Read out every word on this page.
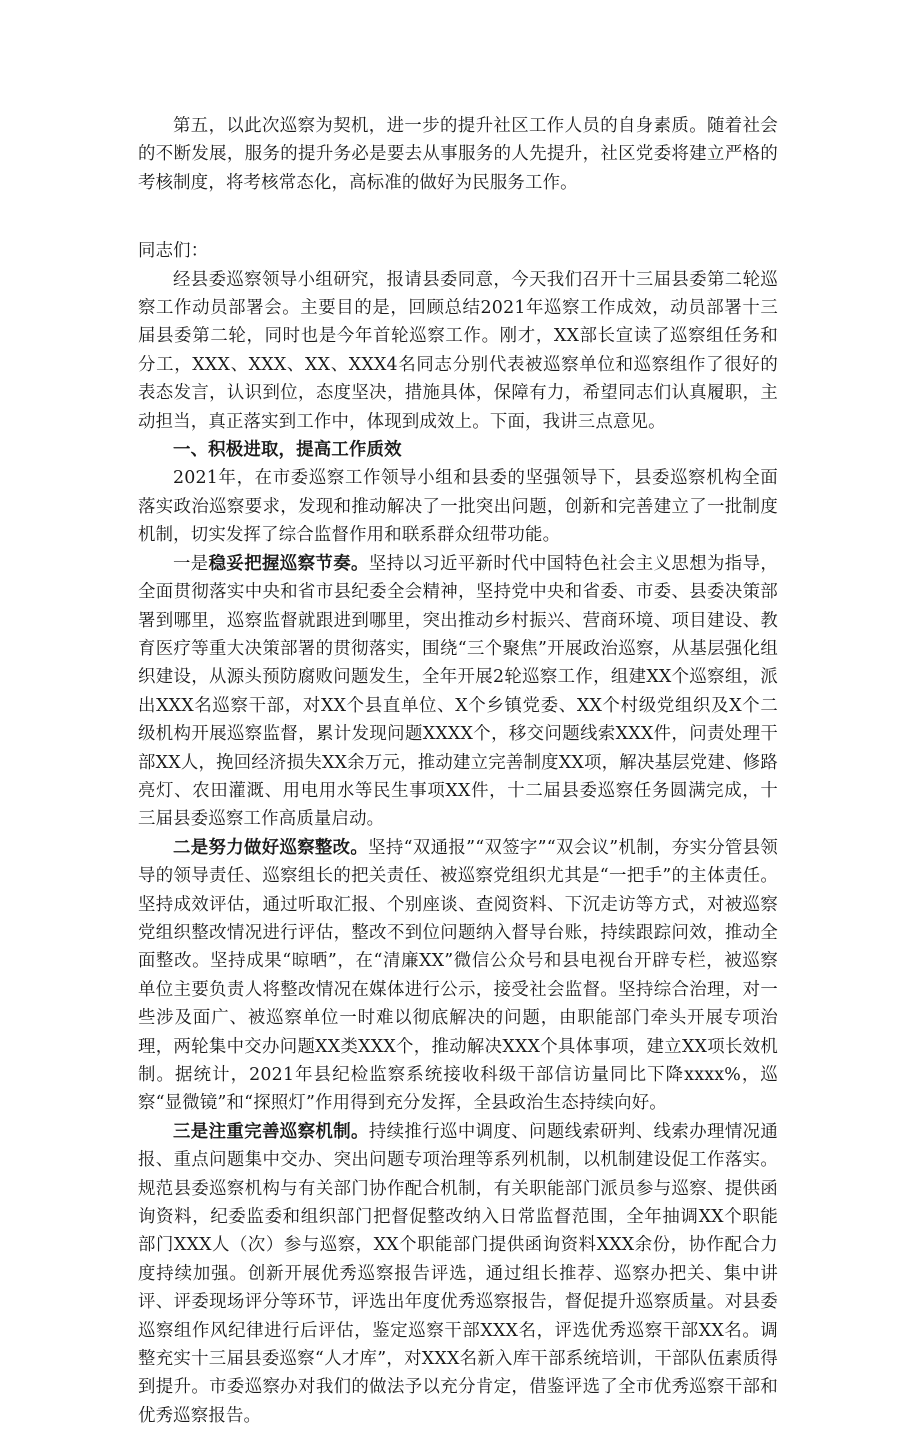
第五，以此次巡察为契机，进一步的提升社区工作人员的自身素质。随着社会的不断发展，服务的提升务必是要去从事服务的人先提升，社区党委将建立严格的考核制度，将考核常态化，高标准的做好为民服务工作。

同志们：

经县委巡察领导小组研究，报请县委同意，今天我们召开十三届县委第二轮巡察工作动员部署会。主要目的是，回顾总结2021年巡察工作成效，动员部署十三届县委第二轮，同时也是今年首轮巡察工作。刚才，XX部长宣读了巡察组任务和分工，XXX、XXX、XX、XXX4名同志分别代表被巡察单位和巡察组作了很好的表态发言，认识到位，态度坚决，措施具体，保障有力，希望同志们认真履职，主动担当，真正落实到工作中，体现到成效上。下面，我讲三点意见。

一、积极进取，提高工作质效

2021年，在市委巡察工作领导小组和县委的坚强领导下，县委巡察机构全面落实政治巡察要求，发现和推动解决了一批突出问题，创新和完善建立了一批制度机制，切实发挥了综合监督作用和联系群众纽带功能。

一是稳妥把握巡察节奏。坚持以习近平新时代中国特色社会主义思想为指导，全面贯彻落实中央和省市县纪委全会精神，坚持党中央和省委、市委、县委决策部署到哪里，巡察监督就跟进到哪里，突出推动乡村振兴、营商环境、项目建设、教育医疗等重大决策部署的贯彻落实，围绕“三个聚焦”开展政治巡察，从基层强化组织建设，从源头预防腐败问题发生，全年开展2轮巡察工作，组建XX个巡察组，派出XXX名巡察干部，对XX个县直单位、X个乡镇党委、XX个村级党组织及X个二级机构开展巡察监督，累计发现问题XXXX个，移交问题线索XXX件，问责处理干部XX人，挽回经济损失XX余万元，推动建立完善制度XX项，解决基层党建、修路亮灯、农田灌溉、用电用水等民生事项XX件，十二届县委巡察任务圆满完成，十三届县委巡察工作高质量启动。

二是努力做好巡察整改。坚持“双通报”“双签字”“双会议”机制，夯实分管县领导的领导责任、巡察组长的把关责任、被巡察党组织尤其是“一把手”的主体责任。坚持成效评估，通过听取汇报、个别座谈、查阅资料、下沉走访等方式，对被巡察党组织整改情况进行评估，整改不到位问题纳入督导台账，持续跟踪问效，推动全面整改。坚持成果“晾晒”，在“清廉XX”微信公众号和县电视台开辟专栏，被巡察单位主要负责人将整改情况在媒体进行公示，接受社会监督。坚持综合治理，对一些涉及面广、被巡察单位一时难以彻底解决的问题，由职能部门牵头开展专项治理，两轮集中交办问题XX类XXX个，推动解决XXX个具体事项，建立XX项长效机制。据统计，2021年县纪检监察系统接收科级干部信访量同比下降xxxx%，巡察“显微镜”和“探照灯”作用得到充分发挥，全县政治生态持续向好。

三是注重完善巡察机制。持续推行巡中调度、问题线索研判、线索办理情况通报、重点问题集中交办、突出问题专项治理等系列机制，以机制建设促工作落实。规范县委巡察机构与有关部门协作配合机制，有关职能部门派员参与巡察、提供函询资料，纪委监委和组织部门把督促整改纳入日常监督范围，全年抽调XX个职能部门XXX人（次）参与巡察，XX个职能部门提供函询资料XXX余份，协作配合力度持续加强。创新开展优秀巡察报告评选，通过组长推荐、巡察办把关、集中讲评、评委现场评分等环节，评选出年度优秀巡察报告，督促提升巡察质量。对县委巡察组作风纪律进行后评估，鉴定巡察干部XXX名，评选优秀巡察干部XX名。调整充实十三届县委巡察“人才库”，对XXX名新入库干部系统培训，干部队伍素质得到提升。市委巡察办对我们的做法予以充分肯定，借鉴评选了全市优秀巡察干部和优秀巡察报告。
